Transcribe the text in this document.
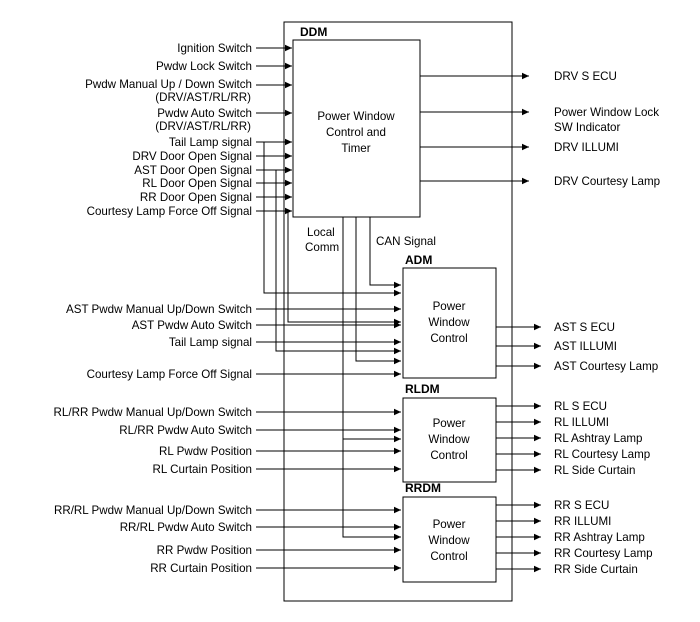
DDM
ADM
RLDM
RRDM
Power Window
Control and
Timer
Power
Window
Control
Power
Window
Control
Power
Window
Control
Local
Comm	CAN Signal
Ignition Switch
Pwdw Lock Switch
Pwdw Manual Up / Down Switch
(DRV/AST/RL/RR)
Pwdw Auto Switch
(DRV/AST/RL/RR)
Tail Lamp signal
DRV Door Open Signal
AST Door Open Signal
RL Door Open Signal
RR Door Open Signal
Courtesy Lamp Force Off Signal
DRV S ECU
Power Window Lock
SW Indicator
DRV ILLUMI
DRV Courtesy Lamp
AST Pwdw Manual Up/Down Switch
AST Pwdw Auto Switch
Tail Lamp signal
Courtesy Lamp Force Off Signal
AST S ECU
AST ILLUMI
AST Courtesy Lamp
RL/RR Pwdw Manual Up/Down Switch
RL/RR Pwdw Auto Switch
RL Pwdw Position
RL Curtain Position
RL S ECU
RL ILLUMI
RL Ashtray Lamp
RL Courtesy Lamp
RL Side Curtain
RR/RL Pwdw Manual Up/Down Switch
RR/RL Pwdw Auto Switch
RR Pwdw Position
RR Curtain Position
RR S ECU
RR ILLUMI
RR Ashtray Lamp
RR Courtesy Lamp
RR Side Curtain
